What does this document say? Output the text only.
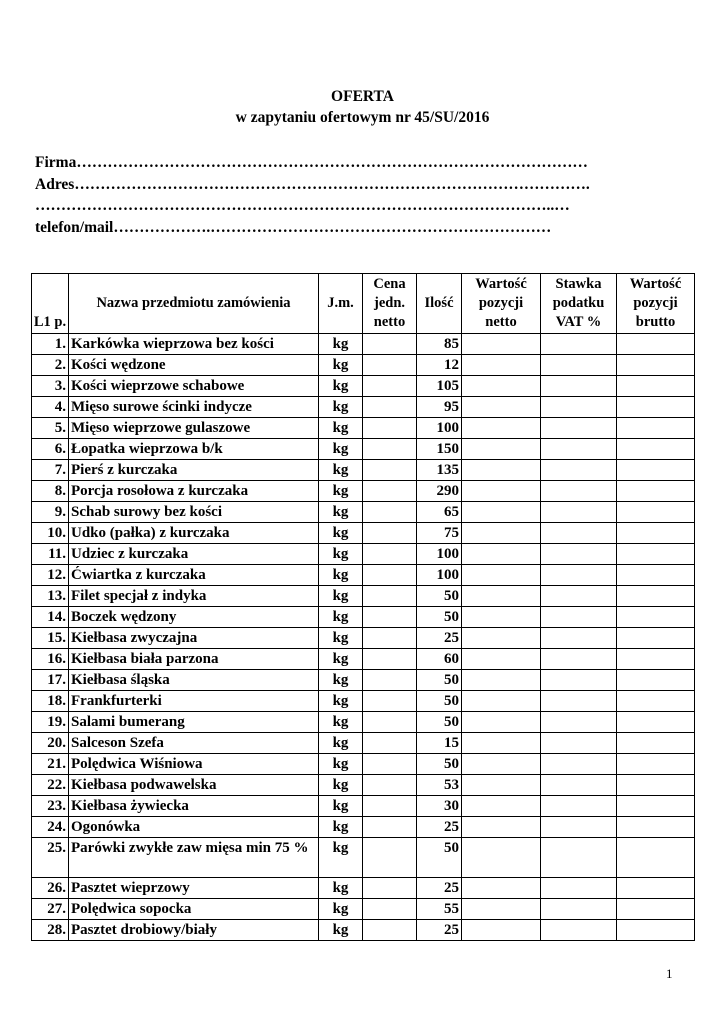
OFERTA
w zapytaniu ofertowym nr 45/SU/2016
Firma………………………………………………………………………………………
Adres……………………………………………………………………………………….
………………………………………………………………………………………..…
telefon/mail……………….…………………………………………………………
L1 p.	Nazwa przedmiotu zamówienia	J.m.	Cena jedn. netto	Ilość	Wartość pozycji netto	Stawka podatku VAT %	Wartość pozycji brutto
1.	Karkówka wieprzowa bez kości	kg		85			
2.	Kości wędzone	kg		12			
3.	Kości wieprzowe schabowe	kg		105			
4.	Mięso surowe ścinki indycze	kg		95			
5.	Mięso wieprzowe gulaszowe	kg		100			
6.	Łopatka wieprzowa b/k	kg		150			
7.	Pierś z kurczaka	kg		135			
8.	Porcja rosołowa z kurczaka	kg		290			
9.	Schab surowy bez kości	kg		65			
10.	Udko (pałka) z kurczaka	kg		75			
11.	Udziec z kurczaka	kg		100			
12.	Ćwiartka z kurczaka	kg		100			
13.	Filet specjał z indyka	kg		50			
14.	Boczek wędzony	kg		50			
15.	Kiełbasa zwyczajna	kg		25			
16.	Kiełbasa biała parzona	kg		60			
17.	Kiełbasa śląska	kg		50			
18.	Frankfurterki	kg		50			
19.	Salami bumerang	kg		50			
20.	Salceson Szefa	kg		15			
21.	Polędwica Wiśniowa	kg		50			
22.	Kiełbasa podwawelska	kg		53			
23.	Kiełbasa żywiecka	kg		30			
24.	Ogonówka	kg		25			
25.	Parówki zwykłe zaw mięsa min 75 %	kg		50			
26.	Pasztet wieprzowy	kg		25			
27.	Polędwica sopocka	kg		55			
28.	Pasztet drobiowy/biały	kg		25			
1
